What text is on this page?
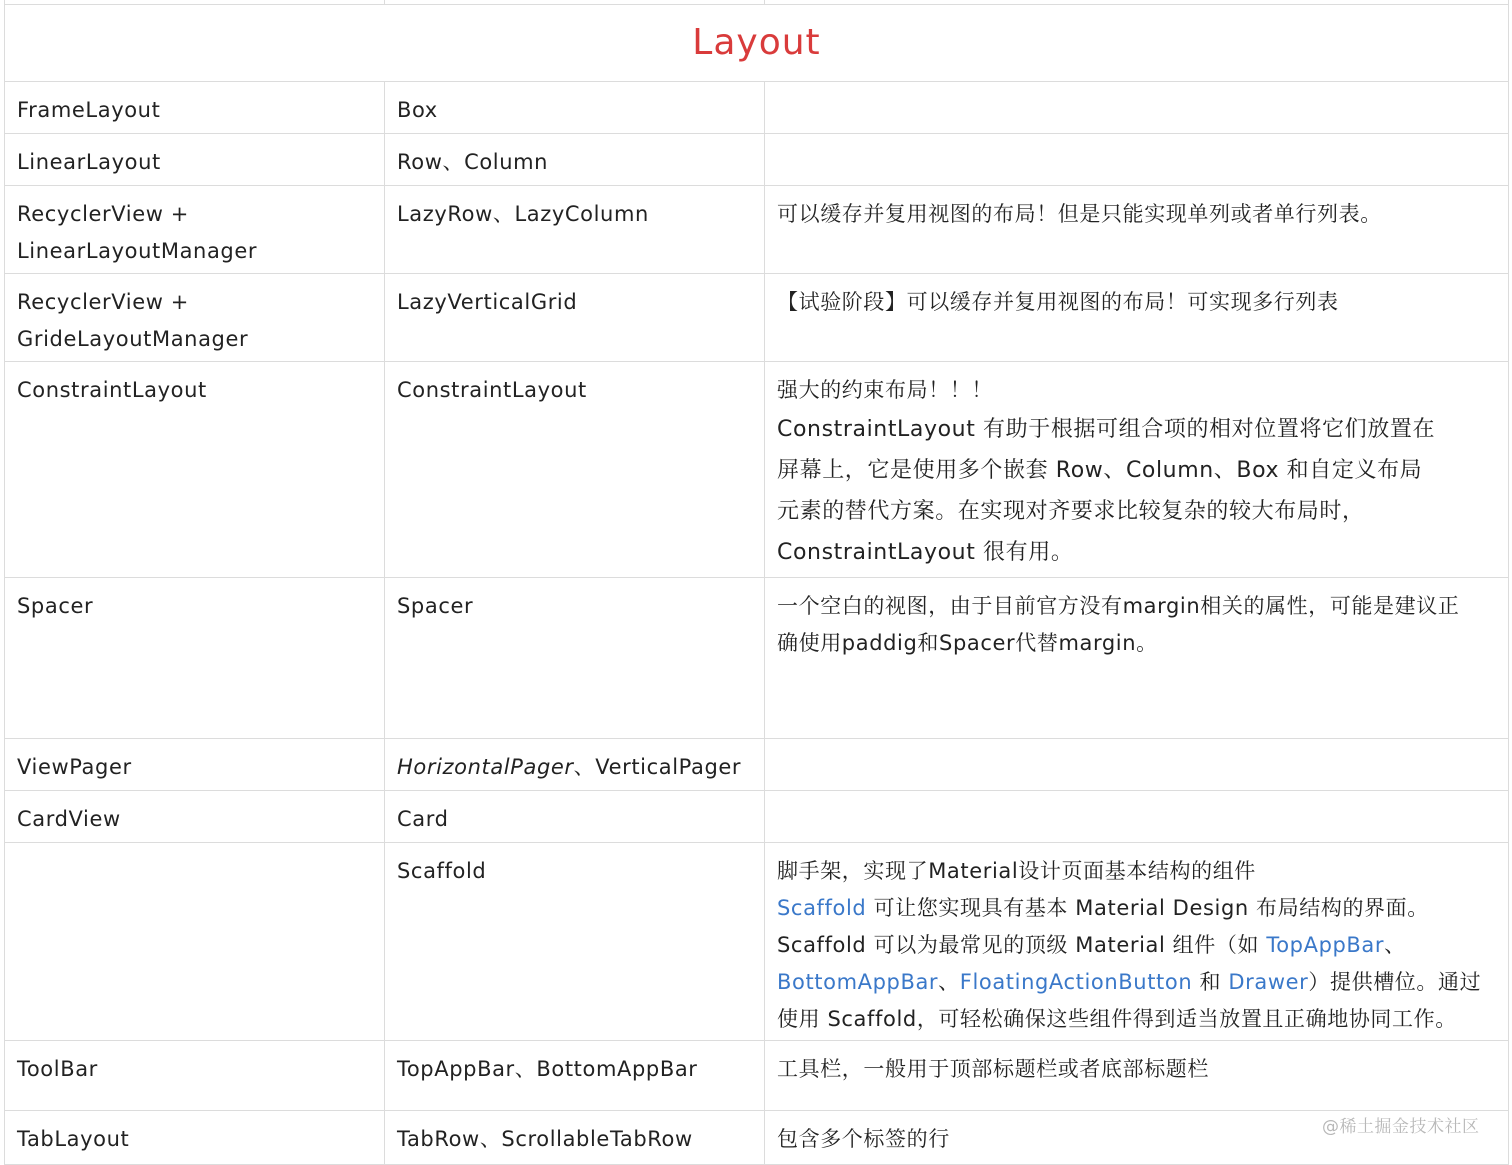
Layout		
FrameLayout	Box	
LinearLayout	Row、Column	

RecyclerView +
LinearLayoutManager	LazyRow、LazyColumn	可以缓存并复用视图的布局！但是只能实现单列或者单行列表。

RecyclerView +
GrideLayoutManager	LazyVerticalGrid	【试验阶段】可以缓存并复用视图的布局！可实现多行列表
ConstraintLayout	ConstraintLayout	强大的约束布局！！！
ConstraintLayout 有助于根据可组合项的相对位置将它们放置在
屏幕上，它是使用多个嵌套 Row、Column、Box 和自定义布局
元素的替代方案。在实现对齐要求比较复杂的较大布局时，
ConstraintLayout 很有用。

Spacer	Spacer	一个空白的视图，由于目前官方没有margin相关的属性，可能是建议正
确使用paddig和Spacer代替margin。

ViewPager	HorizontalPager、VerticalPager	
CardView	Card	
	Scaffold	脚手架，实现了Material设计页面基本结构的组件
Scaffold 可让您实现具有基本 Material Design 布局结构的界面。
Scaffold 可以为最常见的顶级 Material 组件（如 TopAppBar、
BottomAppBar、FloatingActionButton 和 Drawer）提供槽位。通过
使用 Scaffold，可轻松确保这些组件得到适当放置且正确地协同工作。

ToolBar	TopAppBar、BottomAppBar	工具栏，一般用于顶部标题栏或者底部标题栏
TabLayout	TabRow、ScrollableTabRow	包含多个标签的行	@稀土掘金技术社区
